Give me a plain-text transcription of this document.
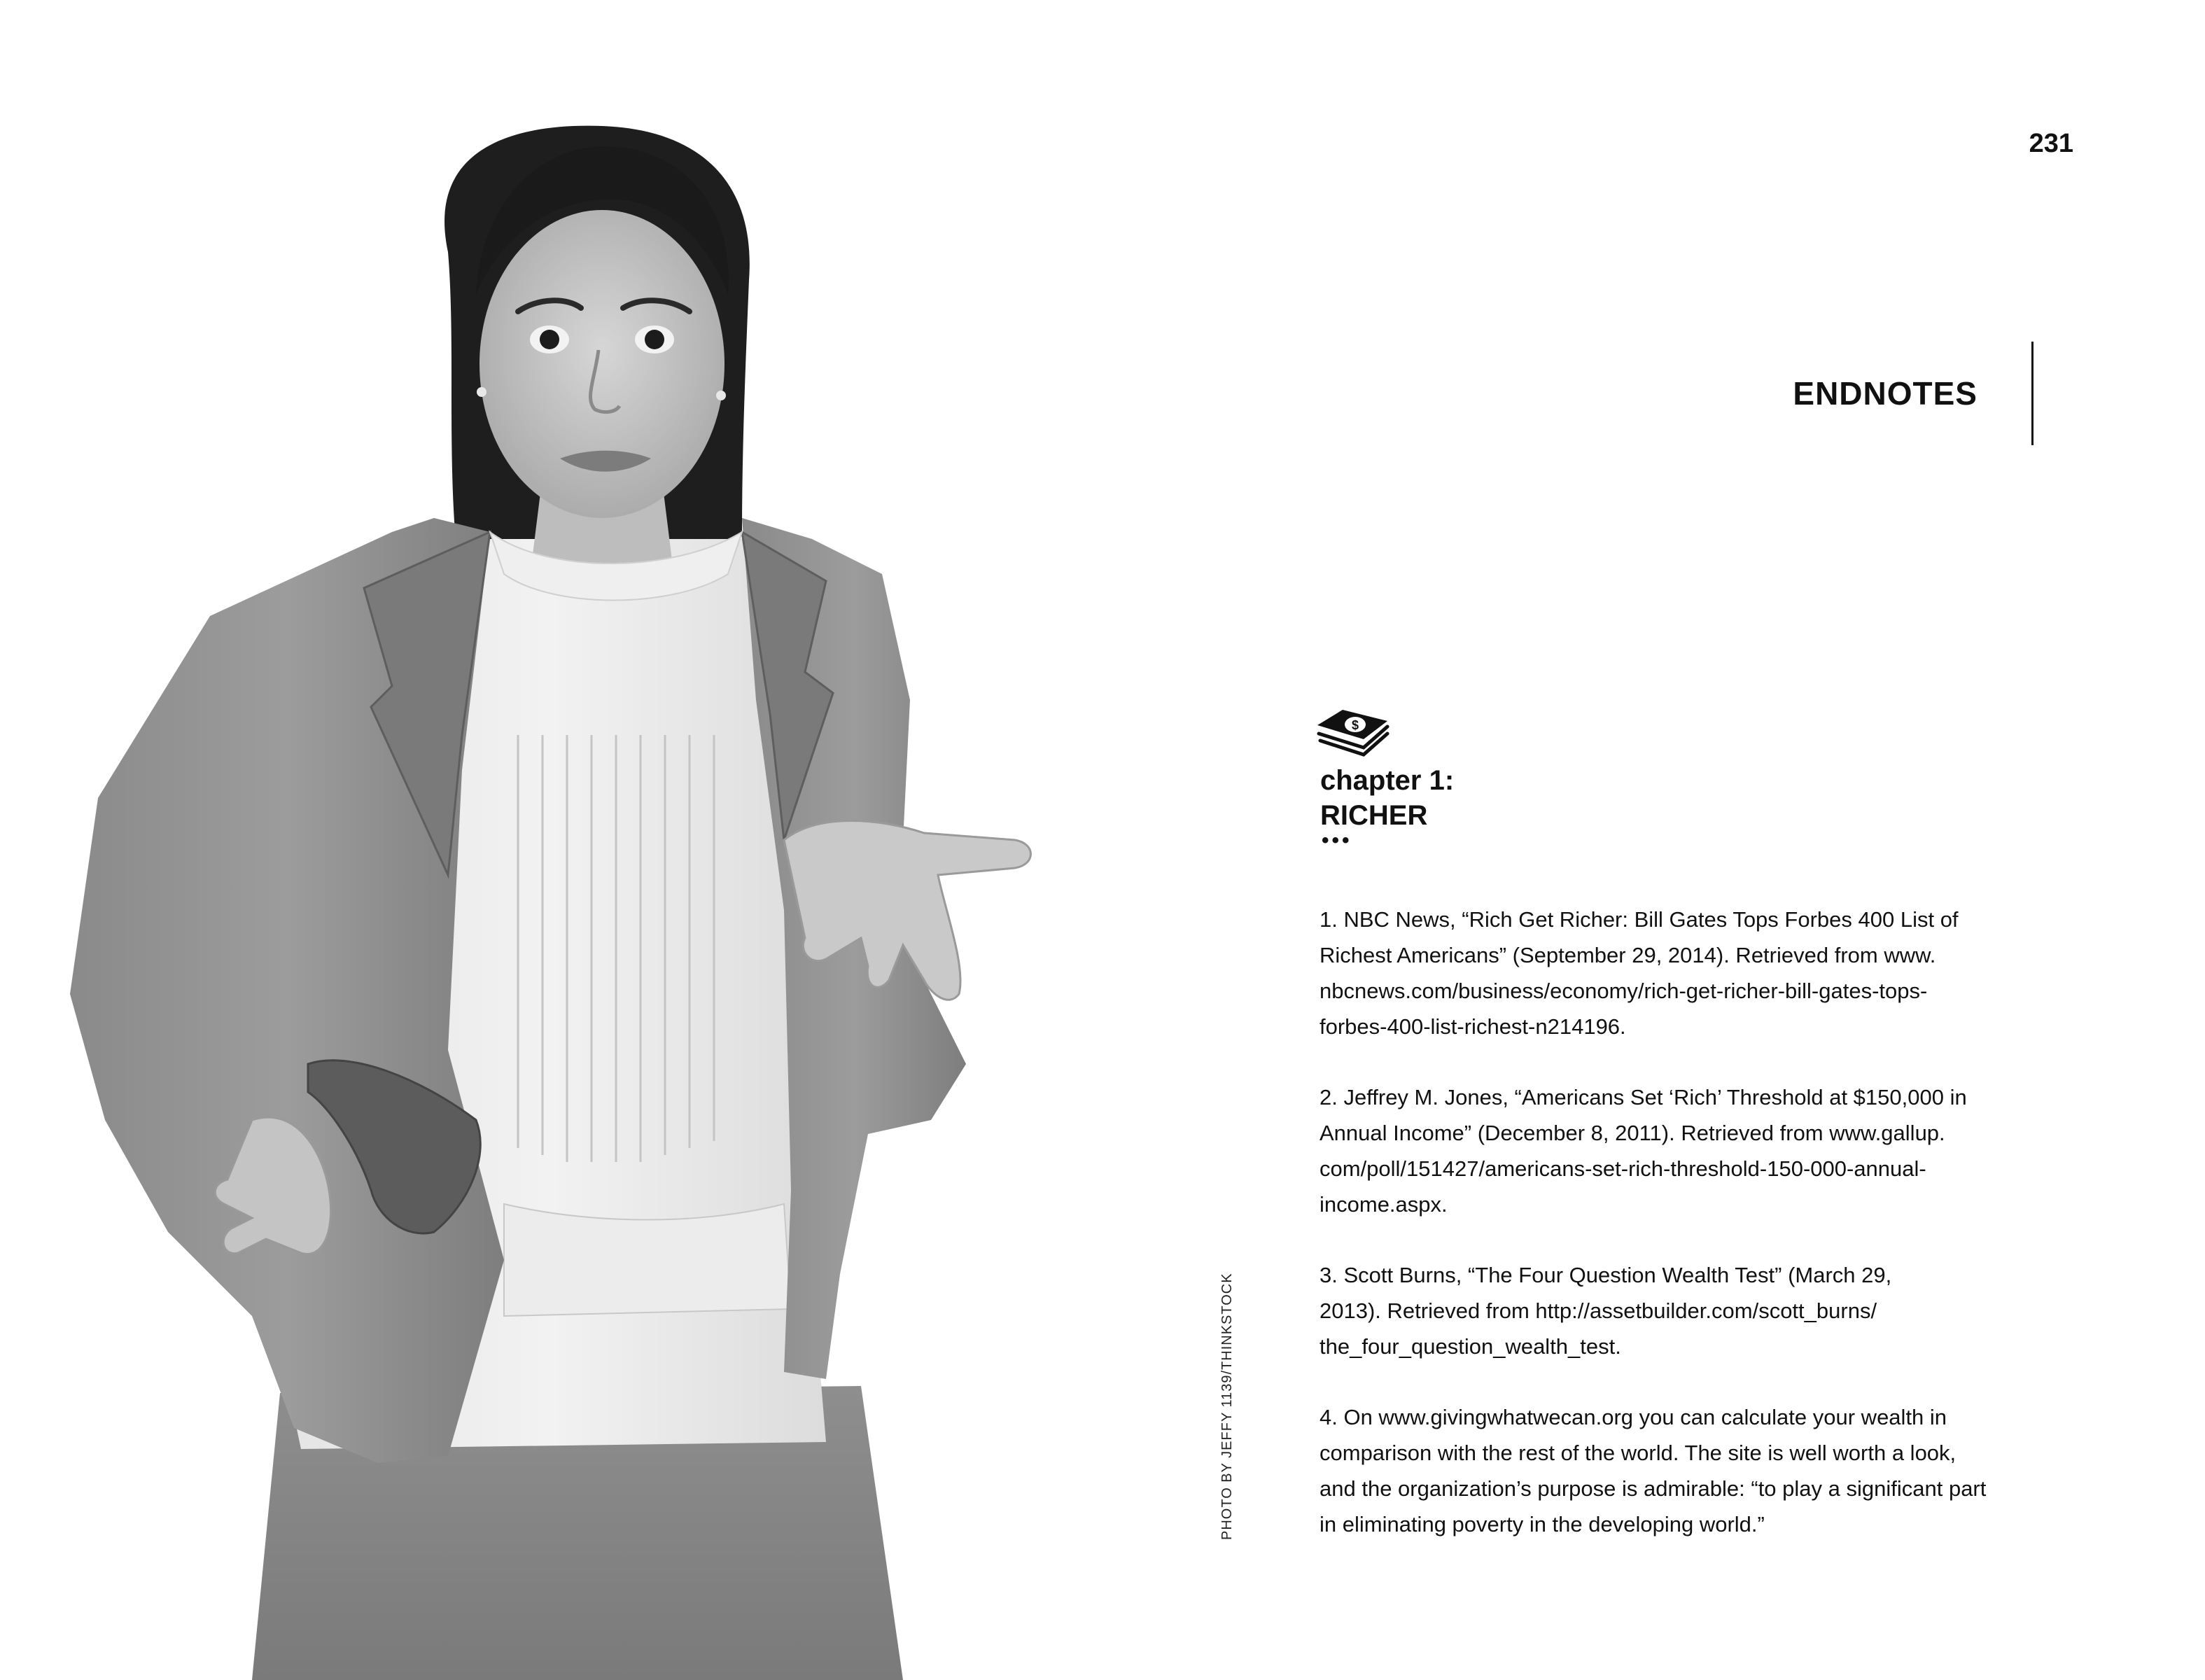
PHOTO BY JEFFY 1139/THINKSTOCK
231
ENDNOTES
$
chapter 1:
RICHER
•••
1. NBC News, “Rich Get Richer: Bill Gates Tops Forbes 400 List of
Richest Americans” (September 29, 2014). Retrieved from www.
nbcnews.com/business/economy/rich-get-richer-bill-gates-tops-
forbes-400-list-richest-n214196.
2. Jeffrey M. Jones, “Americans Set ‘Rich’ Threshold at $150,000 in
Annual Income” (December 8, 2011). Retrieved from www.gallup.
com/poll/151427/americans-set-rich-threshold-150-000-annual-
income.aspx.
3. Scott Burns, “The Four Question Wealth Test” (March 29,
2013). Retrieved from http://assetbuilder.com/scott_burns/
the_four_question_wealth_test.
4. On www.givingwhatwecan.org you can calculate your wealth in
comparison with the rest of the world. The site is well worth a look,
and the organization’s purpose is admirable: “to play a significant part
in eliminating poverty in the developing world.”
